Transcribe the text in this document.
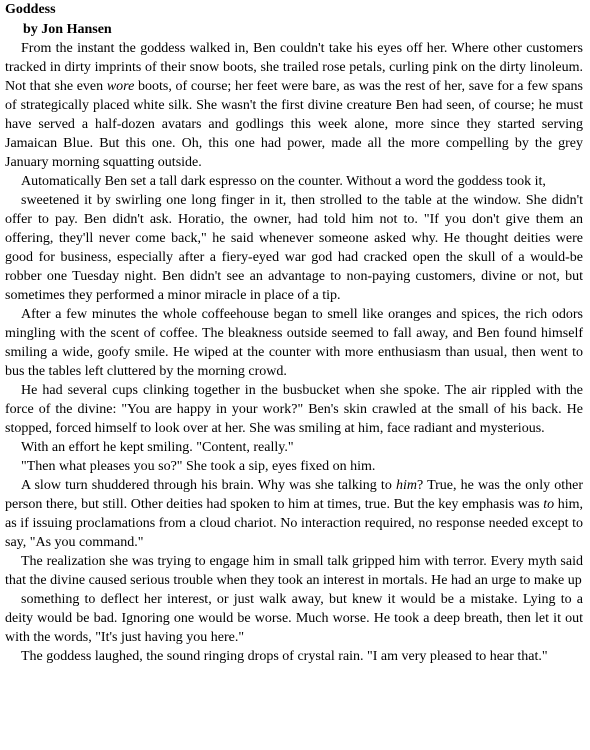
Goddess
by Jon Hansen

From the instant the goddess walked in, Ben couldn't take his eyes off her. Where other customers tracked in dirty imprints of their snow boots, she trailed rose petals, curling pink on the dirty linoleum. Not that she even wore boots, of course; her feet were bare, as was the rest of her, save for a few spans of strategically placed white silk. She wasn't the first divine creature Ben had seen, of course; he must have served a half-dozen avatars and godlings this week alone, more since they started serving Jamaican Blue. But this one. Oh, this one had power, made all the more compelling by the grey January morning squatting outside.

Automatically Ben set a tall dark espresso on the counter. Without a word the goddess took it,

sweetened it by swirling one long finger in it, then strolled to the table at the window. She didn't offer to pay. Ben didn't ask. Horatio, the owner, had told him not to. "If you don't give them an offering, they'll never come back," he said whenever someone asked why. He thought deities were good for business, especially after a fiery-eyed war god had cracked open the skull of a would-be robber one Tuesday night. Ben didn't see an advantage to non-paying customers, divine or not, but sometimes they performed a minor miracle in place of a tip.

After a few minutes the whole coffeehouse began to smell like oranges and spices, the rich odors mingling with the scent of coffee. The bleakness outside seemed to fall away, and Ben found himself smiling a wide, goofy smile. He wiped at the counter with more enthusiasm than usual, then went to bus the tables left cluttered by the morning crowd.

He had several cups clinking together in the busbucket when she spoke. The air rippled with the force of the divine: "You are happy in your work?" Ben's skin crawled at the small of his back. He stopped, forced himself to look over at her. She was smiling at him, face radiant and mysterious.

With an effort he kept smiling. "Content, really."

"Then what pleases you so?" She took a sip, eyes fixed on him.

A slow turn shuddered through his brain. Why was she talking to him? True, he was the only other person there, but still. Other deities had spoken to him at times, true. But the key emphasis was to him, as if issuing proclamations from a cloud chariot. No interaction required, no response needed except to say, "As you command."

The realization she was trying to engage him in small talk gripped him with terror. Every myth said that the divine caused serious trouble when they took an interest in mortals. He had an urge to make up

something to deflect her interest, or just walk away, but knew it would be a mistake. Lying to a deity would be bad. Ignoring one would be worse. Much worse. He took a deep breath, then let it out with the words, "It's just having you here."

The goddess laughed, the sound ringing drops of crystal rain. "I am very pleased to hear that."
